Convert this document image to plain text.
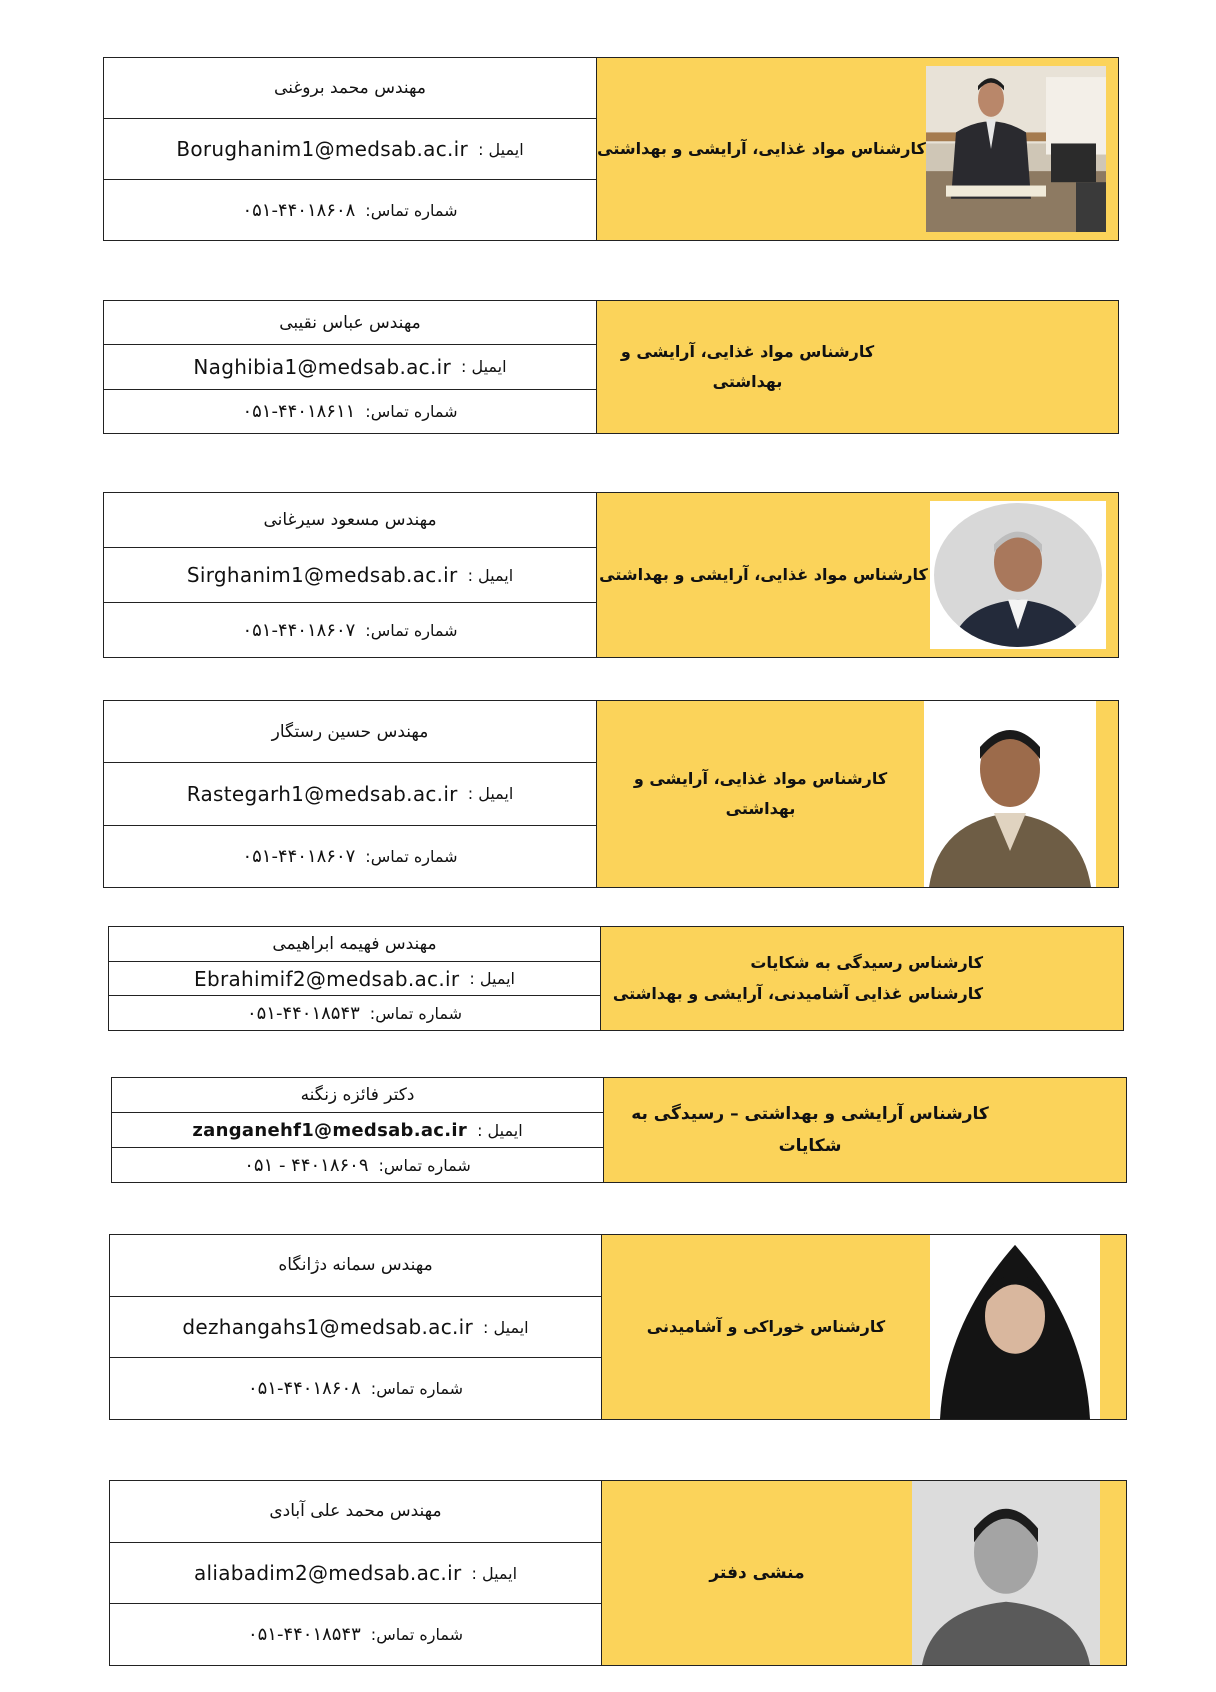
مهندس محمد بروغنی
Borughanim1@medsab.ac.ir ایمیل :
۰۵۱-۴۴۰۱۸۶۰۸ شماره تماس:
کارشناس مواد غذایی، آرایشی و بهداشتی
مهندس عباس نقیبی
Naghibia1@medsab.ac.ir ایمیل :
۰۵۱-۴۴۰۱۸۶۱۱ شماره تماس:
کارشناس مواد غذایی، آرایشی و بهداشتی
مهندس مسعود سیرغانی
Sirghanim1@medsab.ac.ir ایمیل :
۰۵۱-۴۴۰۱۸۶۰۷ شماره تماس:
کارشناس مواد غذایی، آرایشی و بهداشتی
مهندس حسین رستگار
Rastegarh1@medsab.ac.ir ایمیل :
۰۵۱-۴۴۰۱۸۶۰۷ شماره تماس:
کارشناس مواد غذایی، آرایشی و بهداشتی
مهندس فهیمه ابراهیمی
Ebrahimif2@medsab.ac.ir ایمیل :
۰۵۱-۴۴۰۱۸۵۴۳ شماره تماس:
کارشناس رسیدگی به شکایات
کارشناس غذایی آشامیدنی، آرایشی و بهداشتی
دکتر فائزه زنگنه
zanganehf1@medsab.ac.ir ایمیل :
۰۵۱ - ۴۴۰۱۸۶۰۹ شماره تماس:
کارشناس آرایشی و بهداشتی – رسیدگی به شکایات
مهندس سمانه دژانگاه
dezhangahs1@medsab.ac.ir ایمیل :
۰۵۱-۴۴۰۱۸۶۰۸ شماره تماس:
کارشناس خوراکی و آشامیدنی
مهندس محمد علی آبادی
aliabadim2@medsab.ac.ir ایمیل :
۰۵۱-۴۴۰۱۸۵۴۳ شماره تماس:
منشی دفتر
